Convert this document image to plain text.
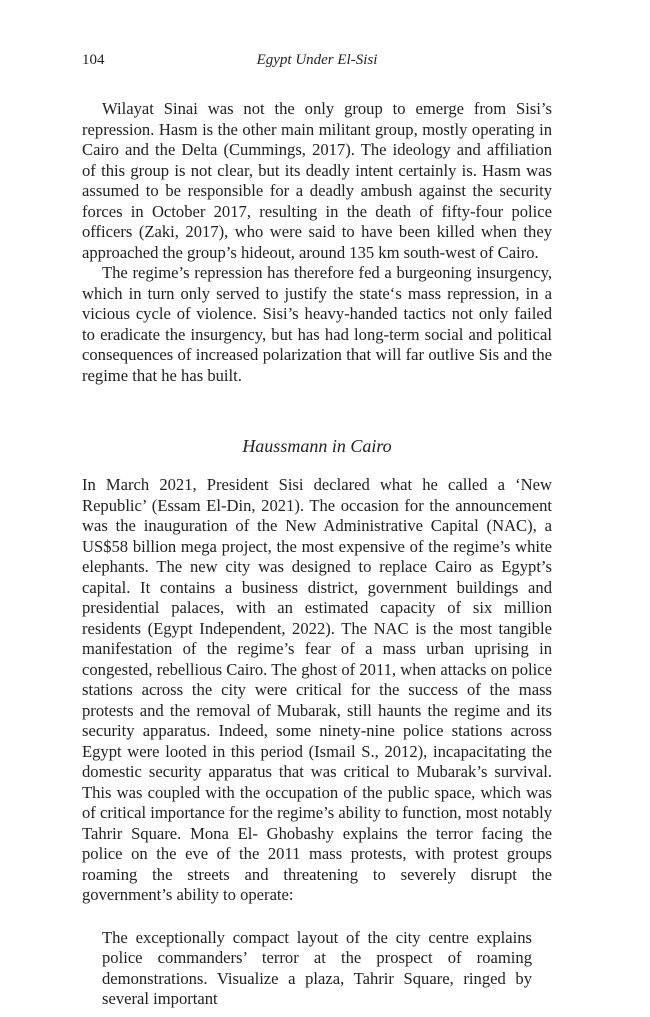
104	Egypt Under El-Sisi

Wilayat Sinai was not the only group to emerge from Sisi’s repression. Hasm is the other main militant group, mostly operating in Cairo and the Delta (Cummings, 2017). The ideology and affiliation of this group is not clear, but its deadly intent certainly is. Hasm was assumed to be responsible for a deadly ambush against the security forces in October 2017, resulting in the death of fifty-four police officers (Zaki, 2017), who were said to have been killed when they approached the group’s hideout, around 135 km south-west of Cairo.

The regime’s repression has therefore fed a burgeoning insurgency, which in turn only served to justify the state‘s mass repression, in a vicious cycle of violence. Sisi’s heavy-handed tactics not only failed to eradicate the insurgency, but has had long-term social and political consequences of increased polarization that will far outlive Sis and the regime that he has built.

Haussmann in Cairo

In March 2021, President Sisi declared what he called a ‘New Republic’ (Essam El-Din, 2021). The occasion for the announcement was the inauguration of the New Administrative Capital (NAC), a US$58 billion mega project, the most expensive of the regime’s white elephants. The new city was designed to replace Cairo as Egypt’s capital. It contains a business district, government buildings and presidential palaces, with an estimated capacity of six million residents (Egypt Independent, 2022). The NAC is the most tangible manifestation of the regime’s fear of a mass urban uprising in congested, rebellious Cairo. The ghost of 2011, when attacks on police stations across the city were critical for the success of the mass protests and the removal of Mubarak, still haunts the regime and its security apparatus. Indeed, some ninety-nine police stations across Egypt were looted in this period (Ismail S., 2012), incapacitating the domestic security apparatus that was critical to Mubarak’s survival. This was coupled with the occupation of the public space, which was of critical importance for the regime’s ability to function, most notably Tahrir Square. Mona El- Ghobashy explains the terror facing the police on the eve of the 2011 mass protests, with protest groups roaming the streets and threatening to severely disrupt the government’s ability to operate:

The exceptionally compact layout of the city centre explains police commanders’ terror at the prospect of roaming demonstrations. Visualize a plaza, Tahrir Square, ringed by several important
